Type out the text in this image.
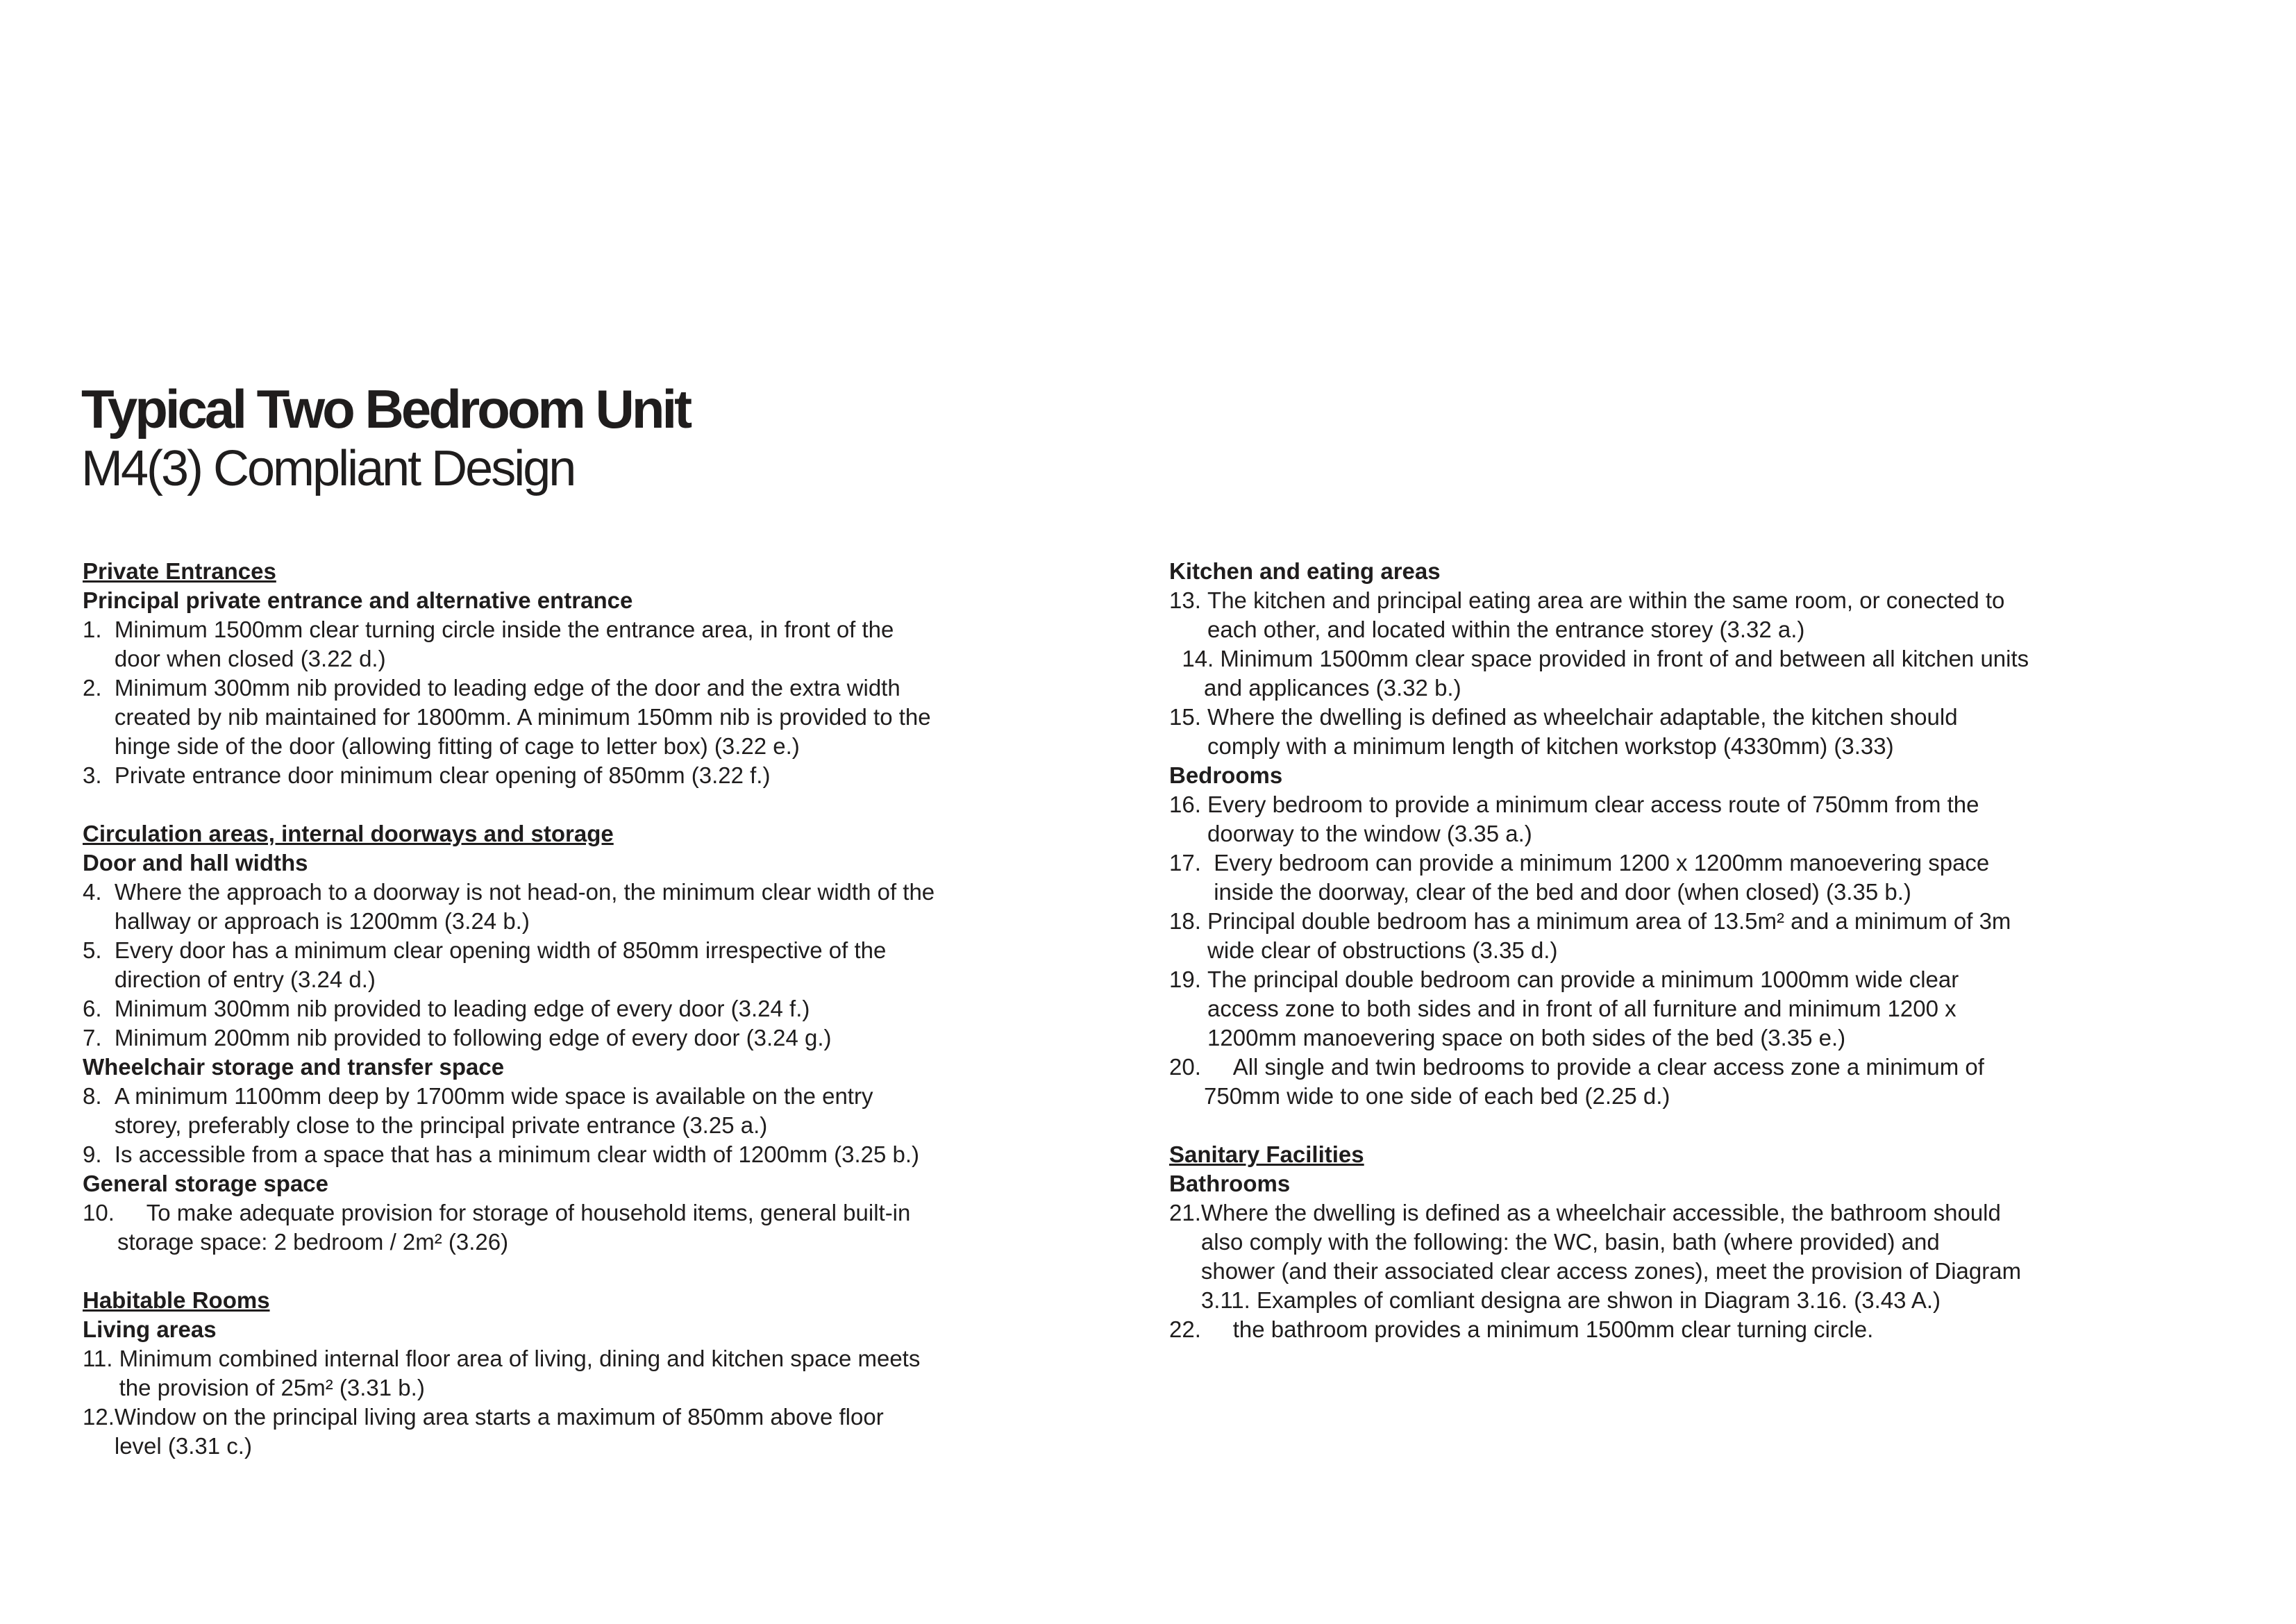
Typical Two Bedroom Unit
M4(3) Compliant Design
Private Entrances
Principal private entrance and alternative entrance
1. Minimum 1500mm clear turning circle inside the entrance area, in front of the
door when closed (3.22 d.)
2. Minimum 300mm nib provided to leading edge of the door and the extra width
created by nib maintained for 1800mm. A minimum 150mm nib is provided to the
hinge side of the door (allowing fitting of cage to letter box) (3.22 e.)
3. Private entrance door minimum clear opening of 850mm (3.22 f.)
Circulation areas, internal doorways and storage
Door and hall widths
4. Where the approach to a doorway is not head-on, the minimum clear width of the
hallway or approach is 1200mm (3.24 b.)
5. Every door has a minimum clear opening width of 850mm irrespective of the
direction of entry (3.24 d.)
6. Minimum 300mm nib provided to leading edge of every door (3.24 f.)
7. Minimum 200mm nib provided to following edge of every door (3.24 g.)
Wheelchair storage and transfer space
8. A minimum 1100mm deep by 1700mm wide space is available on the entry
storey, preferably close to the principal private entrance (3.25 a.)
9. Is accessible from a space that has a minimum clear width of 1200mm (3.25 b.)
General storage space
10. To make adequate provision for storage of household items, general built-in
storage space: 2 bedroom / 2m² (3.26)
Habitable Rooms
Living areas
11. Minimum combined internal floor area of living, dining and kitchen space meets
the provision of 25m² (3.31 b.)
12. Window on the principal living area starts a maximum of 850mm above floor
level (3.31 c.)
Kitchen and eating areas
13. The kitchen and principal eating area are within the same room, or conected to
each other, and located within the entrance storey (3.32 a.)
14. Minimum 1500mm clear space provided in front of and between all kitchen units
and applicances (3.32 b.)
15. Where the dwelling is defined as wheelchair adaptable, the kitchen should
comply with a minimum length of kitchen workstop (4330mm) (3.33)
Bedrooms
16. Every bedroom to provide a minimum clear access route of 750mm from the
doorway to the window (3.35 a.)
17. Every bedroom can provide a minimum 1200 x 1200mm manoevering space
inside the doorway, clear of the bed and door (when closed) (3.35 b.)
18. Principal double bedroom has a minimum area of 13.5m² and a minimum of 3m
wide clear of obstructions (3.35 d.)
19. The principal double bedroom can provide a minimum 1000mm wide clear
access zone to both sides and in front of all furniture and minimum 1200 x
1200mm manoevering space on both sides of the bed (3.35 e.)
20. All single and twin bedrooms to provide a clear access zone a minimum of
750mm wide to one side of each bed (2.25 d.)
Sanitary Facilities
Bathrooms
21. Where the dwelling is defined as a wheelchair accessible, the bathroom should
also comply with the following: the WC, basin, bath (where provided) and
shower (and their associated clear access zones), meet the provision of Diagram
3.11. Examples of comliant designa are shwon in Diagram 3.16. (3.43 A.)
22. the bathroom provides a minimum 1500mm clear turning circle.
